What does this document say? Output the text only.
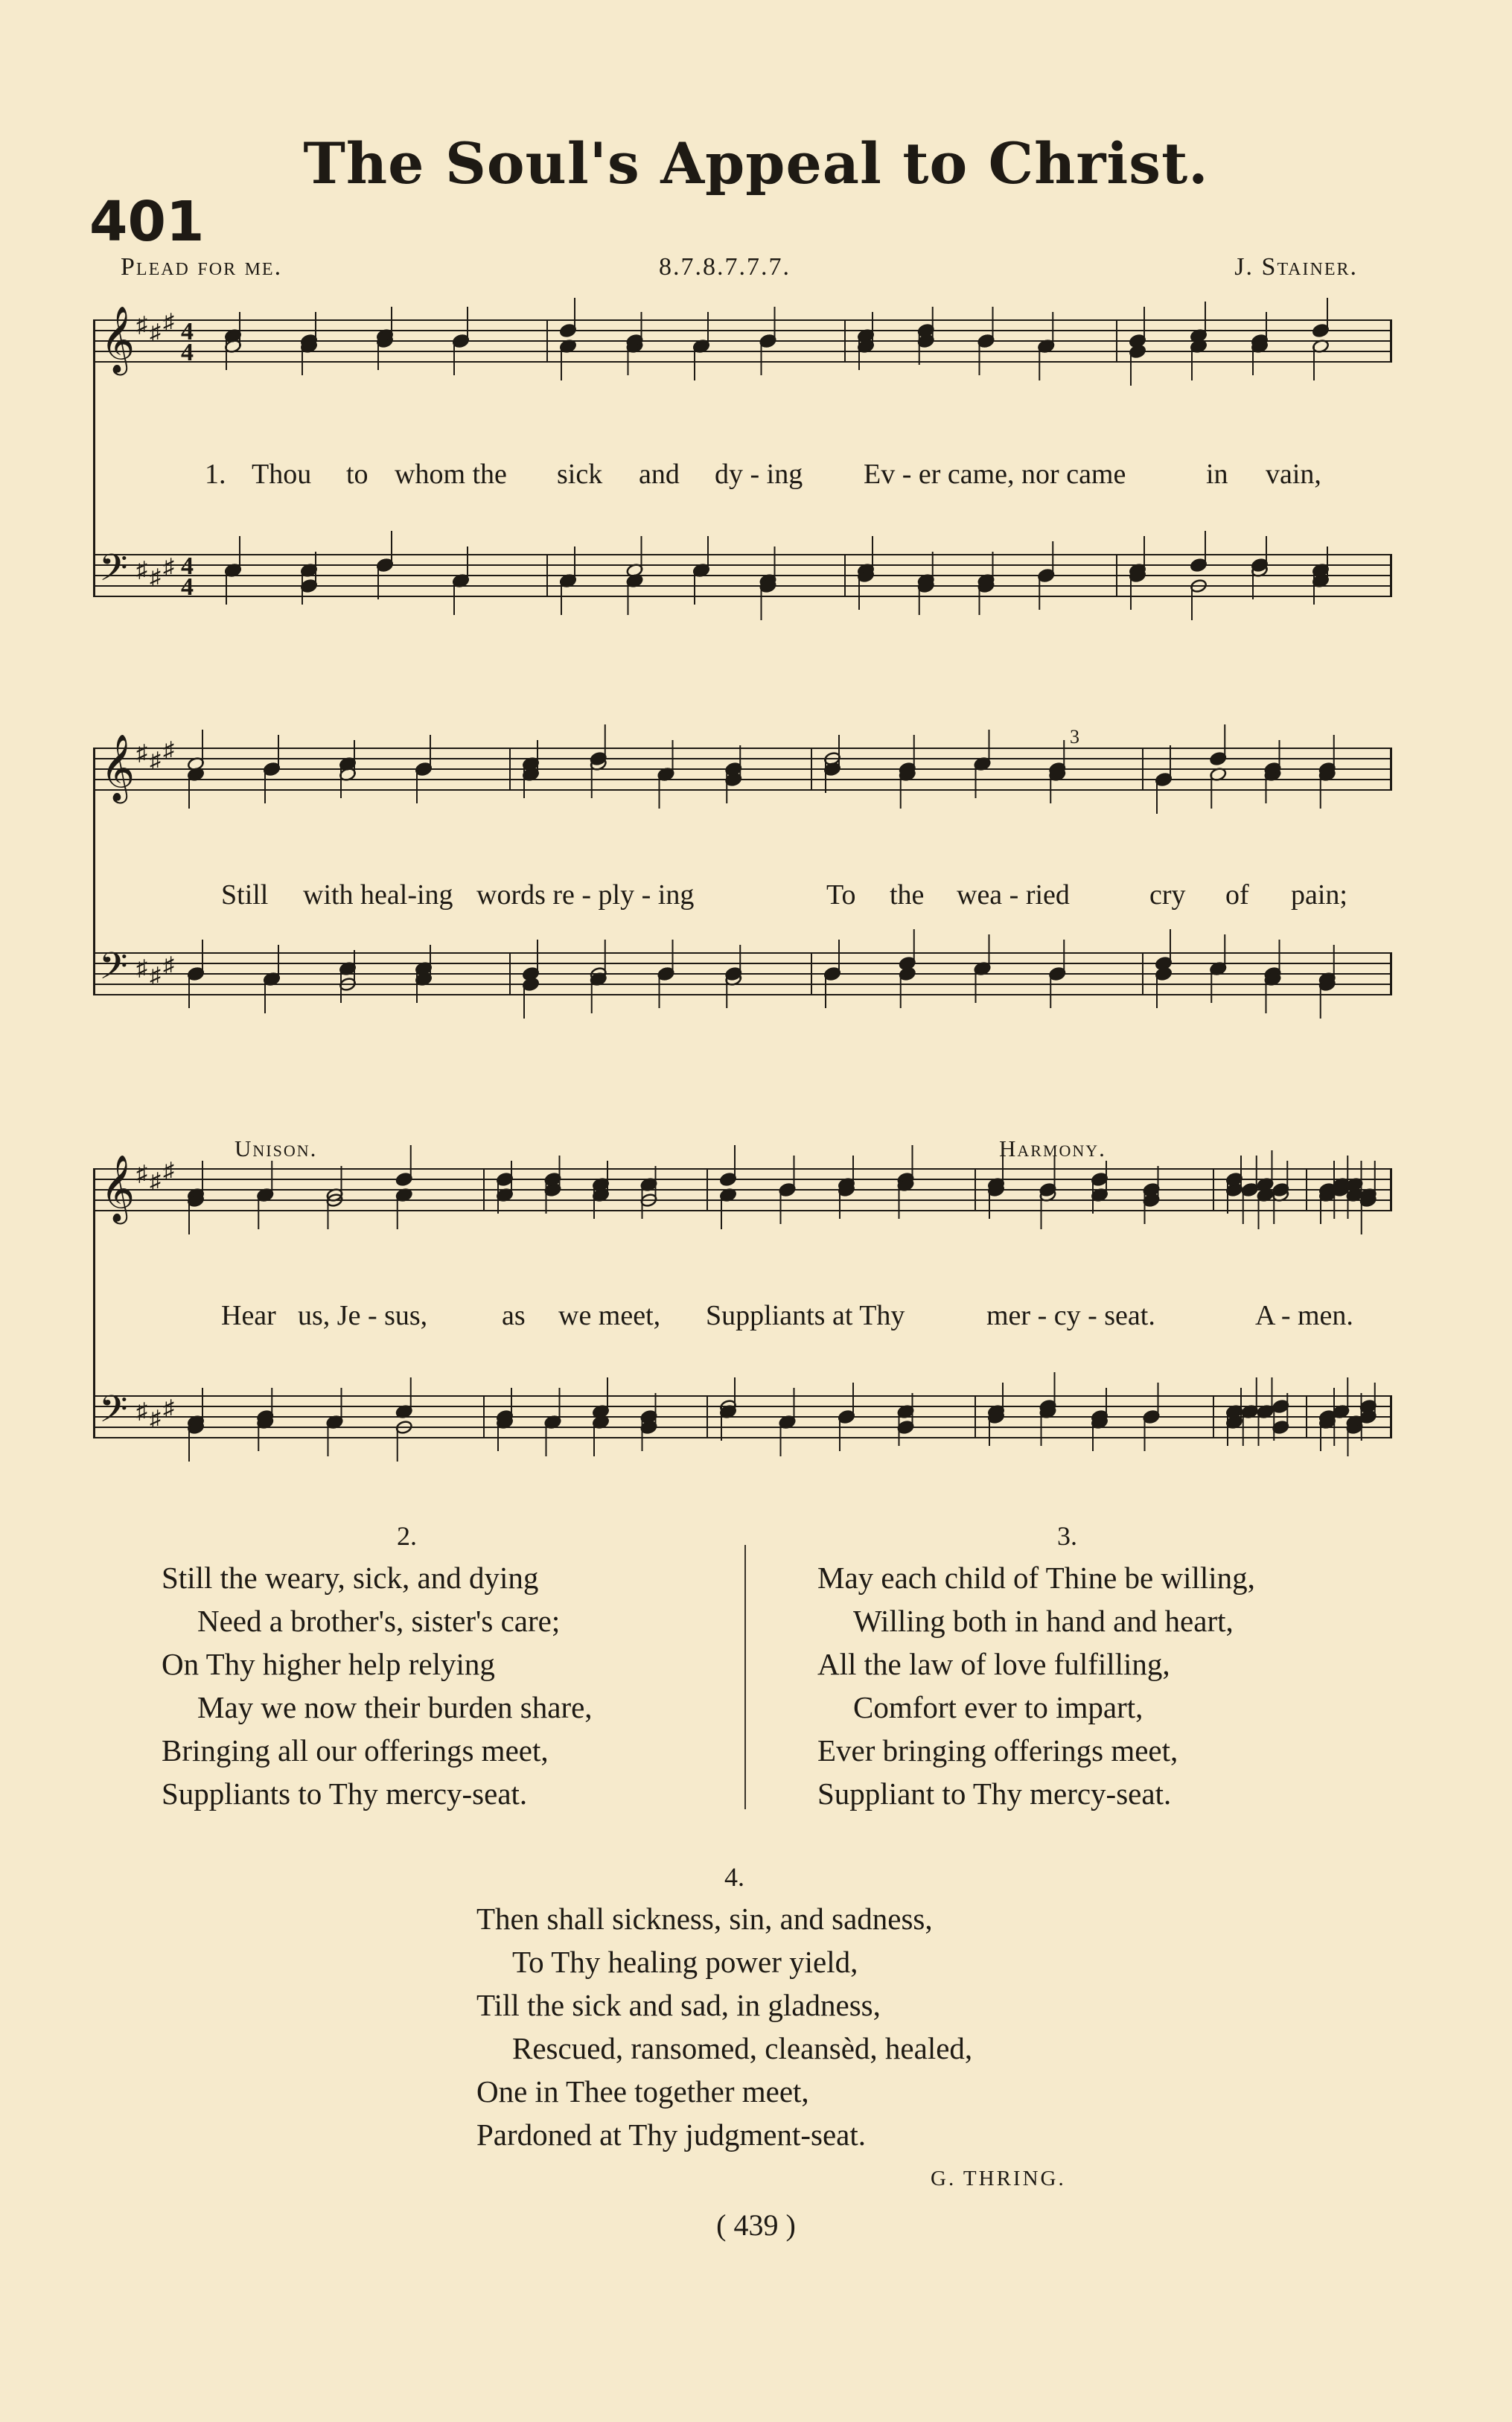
The Soul's Appeal to Christ.
401
Plead for me.	8.7.8.7.7.7.	J. Stainer.
𝄞
𝄢
♯
♯
♯
♯
♯
♯
4
4
4
4
1. Thou to whom the sick and dy - ing Ev - er came, nor came	in vain,
𝄞
𝄢
♯
♯
♯
♯
♯
♯
Still with heal-ing words re - ply - ing	To the wea - ried	cry of pain;
3
𝄞
𝄢
♯
♯
♯
♯
♯
♯
Unison.	Harmony.
Hear us, Je - sus,	as we meet, Suppliants at Thy	mer - cy - seat.	A - men.
2.
Still the weary, sick, and dying
Need a brother's, sister's care;
On Thy higher help relying
May we now their burden share,
Bringing all our offerings meet,
Suppliants to Thy mercy-seat.
3.
May each child of Thine be willing,
Willing both in hand and heart,
All the law of love fulfilling,
Comfort ever to impart,
Ever bringing offerings meet,
Suppliant to Thy mercy-seat.
4.
Then shall sickness, sin, and sadness,
To Thy healing power yield,
Till the sick and sad, in gladness,
Rescued, ransomed, cleansèd, healed,
One in Thee together meet,
Pardoned at Thy judgment-seat.
G. THRING.
( 439 )
